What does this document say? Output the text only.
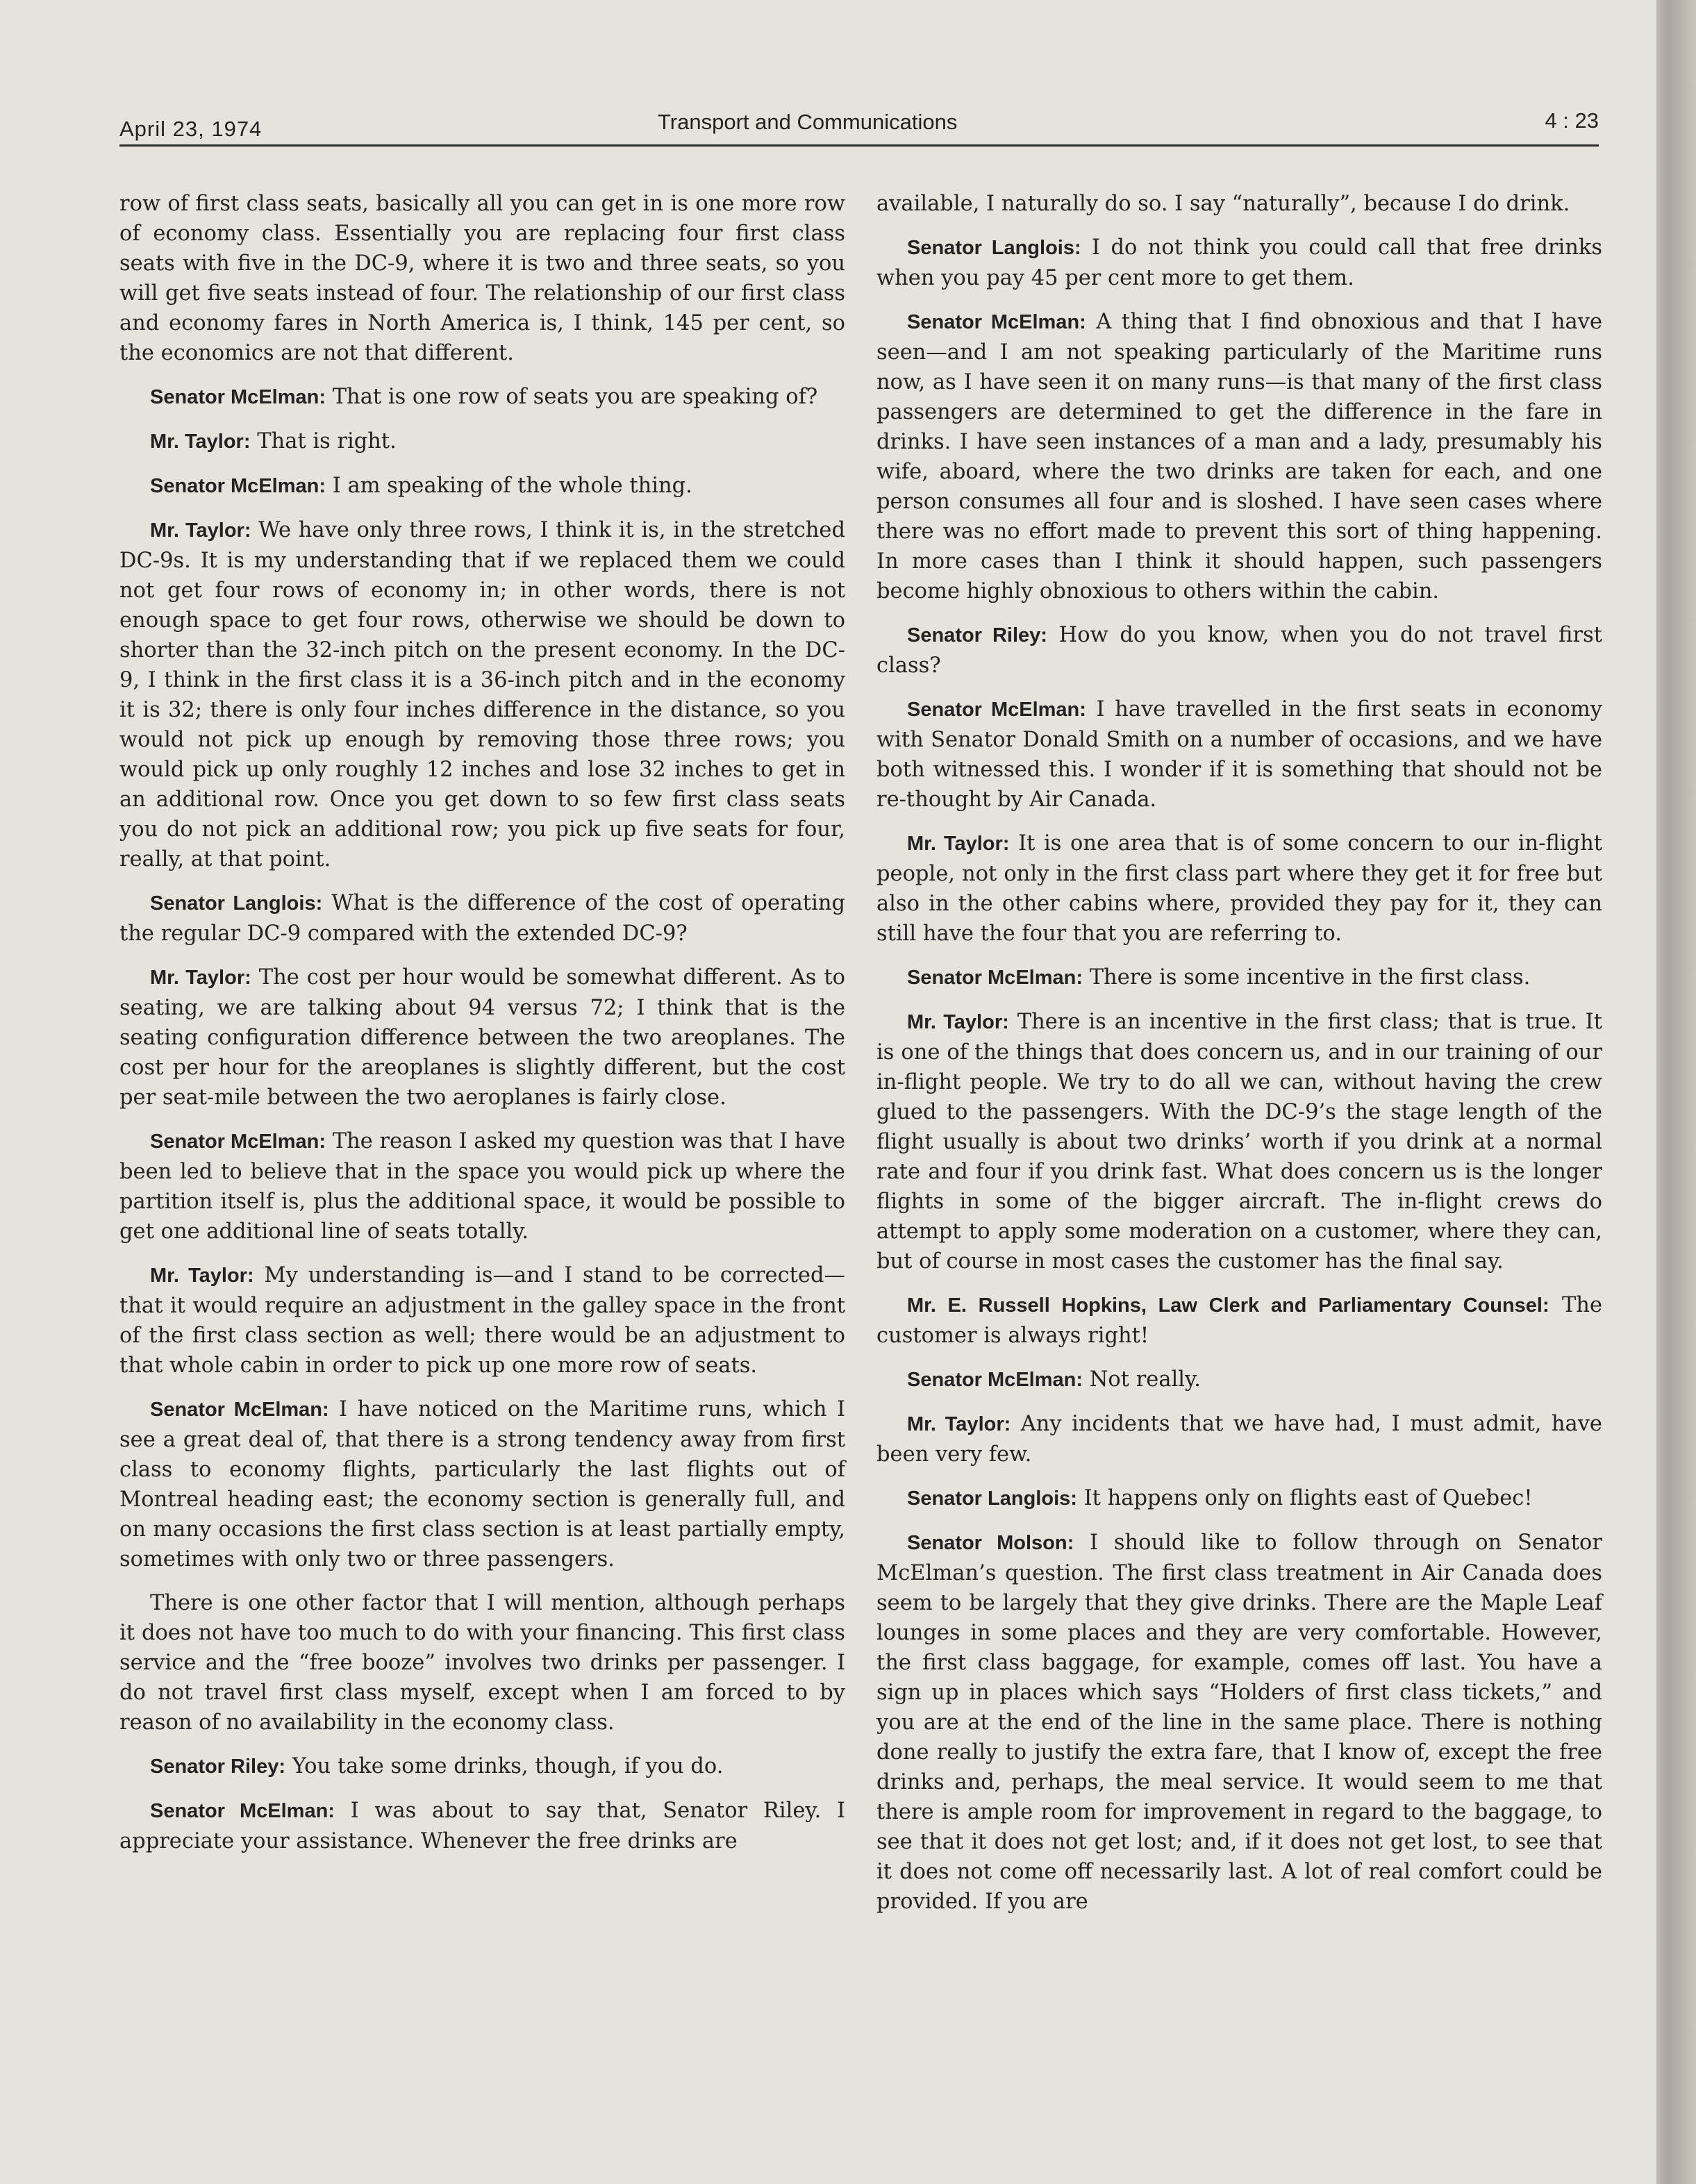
April 23, 1974	Transport and Communications	4 : 23

row of first class seats, basically all you can get in is one more row of economy class. Essentially you are replacing four first class seats with five in the DC-9, where it is two and three seats, so you will get five seats instead of four. The relationship of our first class and economy fares in North America is, I think, 145 per cent, so the economics are not that different.

Senator McElman: That is one row of seats you are speaking of?

Mr. Taylor: That is right.

Senator McElman: I am speaking of the whole thing.

Mr. Taylor: We have only three rows, I think it is, in the stretched DC-9s. It is my understanding that if we replaced them we could not get four rows of economy in; in other words, there is not enough space to get four rows, otherwise we should be down to shorter than the 32-inch pitch on the present economy. In the DC-9, I think in the first class it is a 36-inch pitch and in the economy it is 32; there is only four inches difference in the distance, so you would not pick up enough by removing those three rows; you would pick up only roughly 12 inches and lose 32 inches to get in an additional row. Once you get down to so few first class seats you do not pick an additional row; you pick up five seats for four, really, at that point.

Senator Langlois: What is the difference of the cost of operating the regular DC-9 compared with the extended DC-9?

Mr. Taylor: The cost per hour would be somewhat different. As to seating, we are talking about 94 versus 72; I think that is the seating configuration difference between the two areoplanes. The cost per hour for the areoplanes is slightly different, but the cost per seat-mile between the two aeroplanes is fairly close.

Senator McElman: The reason I asked my question was that I have been led to believe that in the space you would pick up where the partition itself is, plus the additional space, it would be possible to get one additional line of seats totally.

Mr. Taylor: My understanding is—and I stand to be corrected—that it would require an adjustment in the galley space in the front of the first class section as well; there would be an adjustment to that whole cabin in order to pick up one more row of seats.

Senator McElman: I have noticed on the Maritime runs, which I see a great deal of, that there is a strong tendency away from first class to economy flights, particularly the last flights out of Montreal heading east; the economy section is generally full, and on many occasions the first class section is at least partially empty, sometimes with only two or three passengers.

There is one other factor that I will mention, although perhaps it does not have too much to do with your financing. This first class service and the “free booze” involves two drinks per passenger. I do not travel first class myself, except when I am forced to by reason of no availability in the economy class.

Senator Riley: You take some drinks, though, if you do.

Senator McElman: I was about to say that, Senator Riley. I appreciate your assistance. Whenever the free drinks are

available, I naturally do so. I say “naturally”, because I do drink.

Senator Langlois: I do not think you could call that free drinks when you pay 45 per cent more to get them.

Senator McElman: A thing that I find obnoxious and that I have seen—and I am not speaking particularly of the Maritime runs now, as I have seen it on many runs—is that many of the first class passengers are determined to get the difference in the fare in drinks. I have seen instances of a man and a lady, presumably his wife, aboard, where the two drinks are taken for each, and one person consumes all four and is sloshed. I have seen cases where there was no effort made to prevent this sort of thing happening. In more cases than I think it should happen, such passengers become highly obnoxious to others within the cabin.

Senator Riley: How do you know, when you do not travel first class?

Senator McElman: I have travelled in the first seats in economy with Senator Donald Smith on a number of occasions, and we have both witnessed this. I wonder if it is something that should not be re-thought by Air Canada.

Mr. Taylor: It is one area that is of some concern to our in-flight people, not only in the first class part where they get it for free but also in the other cabins where, provided they pay for it, they can still have the four that you are referring to.

Senator McElman: There is some incentive in the first class.

Mr. Taylor: There is an incentive in the first class; that is true. It is one of the things that does concern us, and in our training of our in-flight people. We try to do all we can, without having the crew glued to the passengers. With the DC-9’s the stage length of the flight usually is about two drinks’ worth if you drink at a normal rate and four if you drink fast. What does concern us is the longer flights in some of the bigger aircraft. The in-flight crews do attempt to apply some moderation on a customer, where they can, but of course in most cases the customer has the final say.

Mr. E. Russell Hopkins, Law Clerk and Parliamentary Counsel: The customer is always right!

Senator McElman: Not really.

Mr. Taylor: Any incidents that we have had, I must admit, have been very few.

Senator Langlois: It happens only on flights east of Quebec!

Senator Molson: I should like to follow through on Senator McElman’s question. The first class treatment in Air Canada does seem to be largely that they give drinks. There are the Maple Leaf lounges in some places and they are very comfortable. However, the first class baggage, for example, comes off last. You have a sign up in places which says “Holders of first class tickets,” and you are at the end of the line in the same place. There is nothing done really to justify the extra fare, that I know of, except the free drinks and, perhaps, the meal service. It would seem to me that there is ample room for improvement in regard to the baggage, to see that it does not get lost; and, if it does not get lost, to see that it does not come off necessarily last. A lot of real comfort could be provided. If you are
